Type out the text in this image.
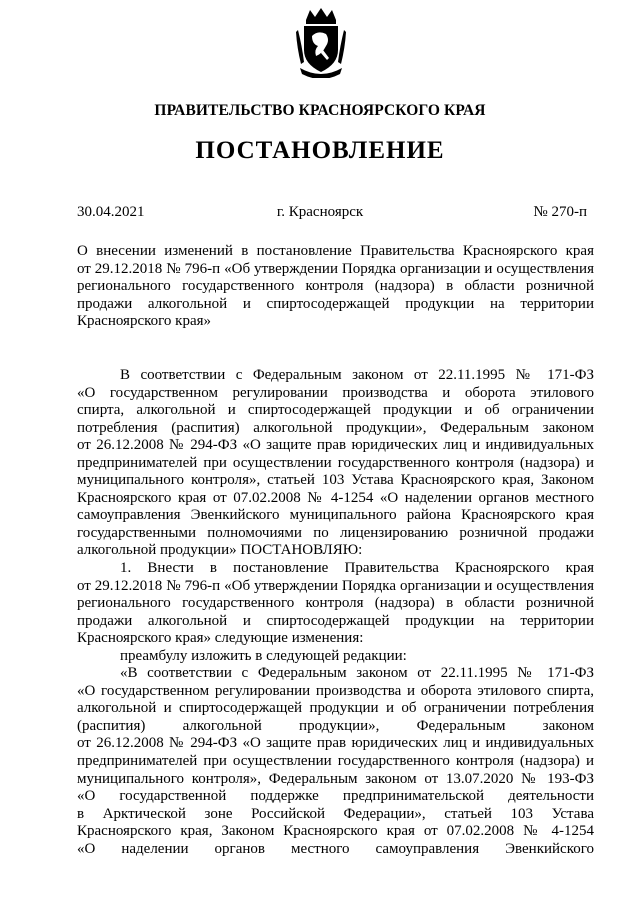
ПРАВИТЕЛЬСТВО КРАСНОЯРСКОГО КРАЯ
ПОСТАНОВЛЕНИЕ
30.04.2021	г. Красноярск	№ 270-п
О внесении изменений в постановление Правительства Красноярского края
от 29.12.2018 № 796-п «Об утверждении Порядка организации и осуществления
регионального государственного контроля (надзора) в области розничной
продажи алкогольной и спиртосодержащей продукции на территории
Красноярского края»
В соответствии с Федеральным законом от 22.11.1995 № 171-ФЗ
«О государственном регулировании производства и оборота этилового
спирта, алкогольной и спиртосодержащей продукции и об ограничении
потребления (распития) алкогольной продукции», Федеральным законом
от 26.12.2008 № 294-ФЗ «О защите прав юридических лиц и индивидуальных
предпринимателей при осуществлении государственного контроля (надзора) и
муниципального контроля», статьей 103 Устава Красноярского края, Законом
Красноярского края от 07.02.2008 № 4-1254 «О наделении органов местного
самоуправления Эвенкийского муниципального района Красноярского края
государственными полномочиями по лицензированию розничной продажи
алкогольной продукции» ПОСТАНОВЛЯЮ:
1. Внести в постановление Правительства Красноярского края
от 29.12.2018 № 796-п «Об утверждении Порядка организации и осуществления
регионального государственного контроля (надзора) в области розничной
продажи алкогольной и спиртосодержащей продукции на территории
Красноярского края» следующие изменения:
преамбулу изложить в следующей редакции:
«В соответствии с Федеральным законом от 22.11.1995 № 171-ФЗ
«О государственном регулировании производства и оборота этилового спирта,
алкогольной и спиртосодержащей продукции и об ограничении потребления
(распития) алкогольной продукции», Федеральным законом
от 26.12.2008 № 294-ФЗ «О защите прав юридических лиц и индивидуальных
предпринимателей при осуществлении государственного контроля (надзора) и
муниципального контроля», Федеральным законом от 13.07.2020 № 193-ФЗ
«О государственной поддержке предпринимательской деятельности
в Арктической зоне Российской Федерации», статьей 103 Устава
Красноярского края, Законом Красноярского края от 07.02.2008 № 4-1254
«О наделении органов местного самоуправления Эвенкийского
